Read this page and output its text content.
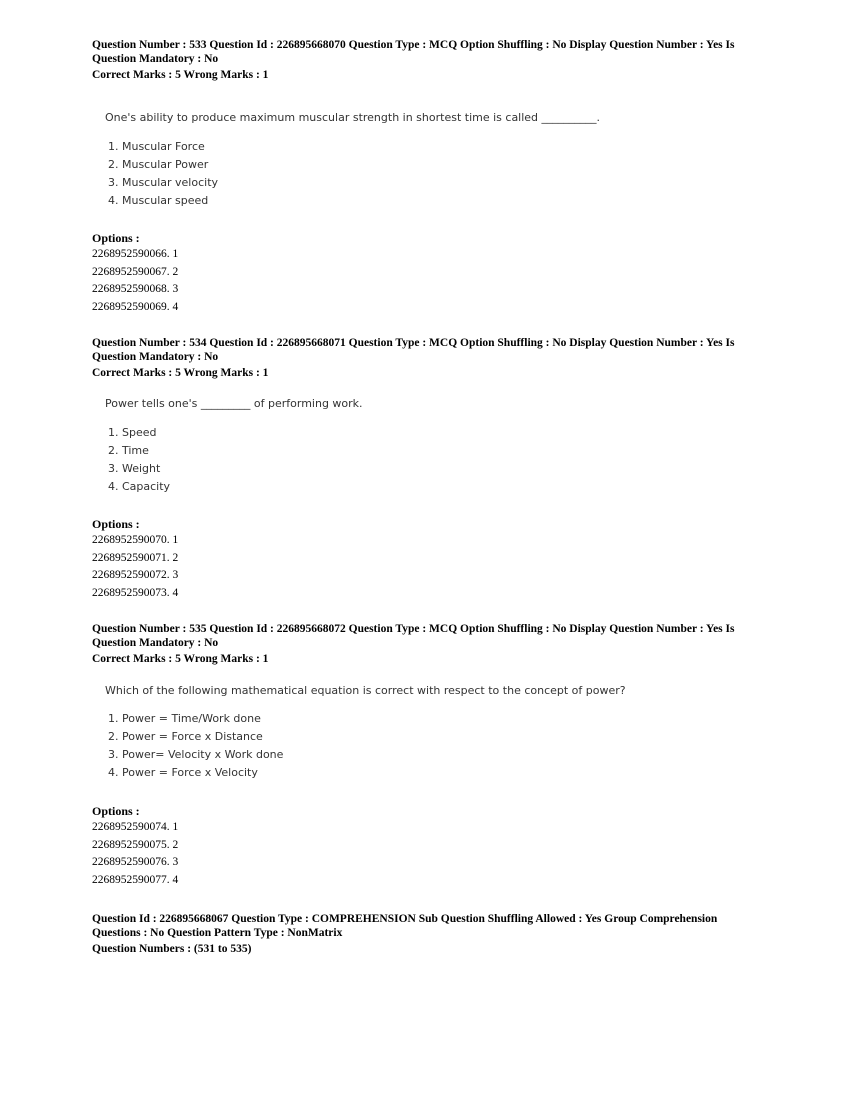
Question Number : 533 Question Id : 226895668070 Question Type : MCQ Option Shuffling : No Display Question Number : Yes Is
Question Mandatory : No
Correct Marks : 5 Wrong Marks : 1
One's ability to produce maximum muscular strength in shortest time is called __________.
1. Muscular Force
2. Muscular Power
3. Muscular velocity
4. Muscular speed
Options :
2268952590066. 1
2268952590067. 2
2268952590068. 3
2268952590069. 4
Question Number : 534 Question Id : 226895668071 Question Type : MCQ Option Shuffling : No Display Question Number : Yes Is
Question Mandatory : No
Correct Marks : 5 Wrong Marks : 1
Power tells one's _________ of performing work.
1. Speed
2. Time
3. Weight
4. Capacity
Options :
2268952590070. 1
2268952590071. 2
2268952590072. 3
2268952590073. 4
Question Number : 535 Question Id : 226895668072 Question Type : MCQ Option Shuffling : No Display Question Number : Yes Is
Question Mandatory : No
Correct Marks : 5 Wrong Marks : 1
Which of the following mathematical equation is correct with respect to the concept of power?
1. Power = Time/Work done
2. Power = Force x Distance
3. Power= Velocity x Work done
4. Power = Force x Velocity
Options :
2268952590074. 1
2268952590075. 2
2268952590076. 3
2268952590077. 4
Question Id : 226895668067 Question Type : COMPREHENSION Sub Question Shuffling Allowed : Yes Group Comprehension
Questions : No Question Pattern Type : NonMatrix
Question Numbers : (531 to 535)
